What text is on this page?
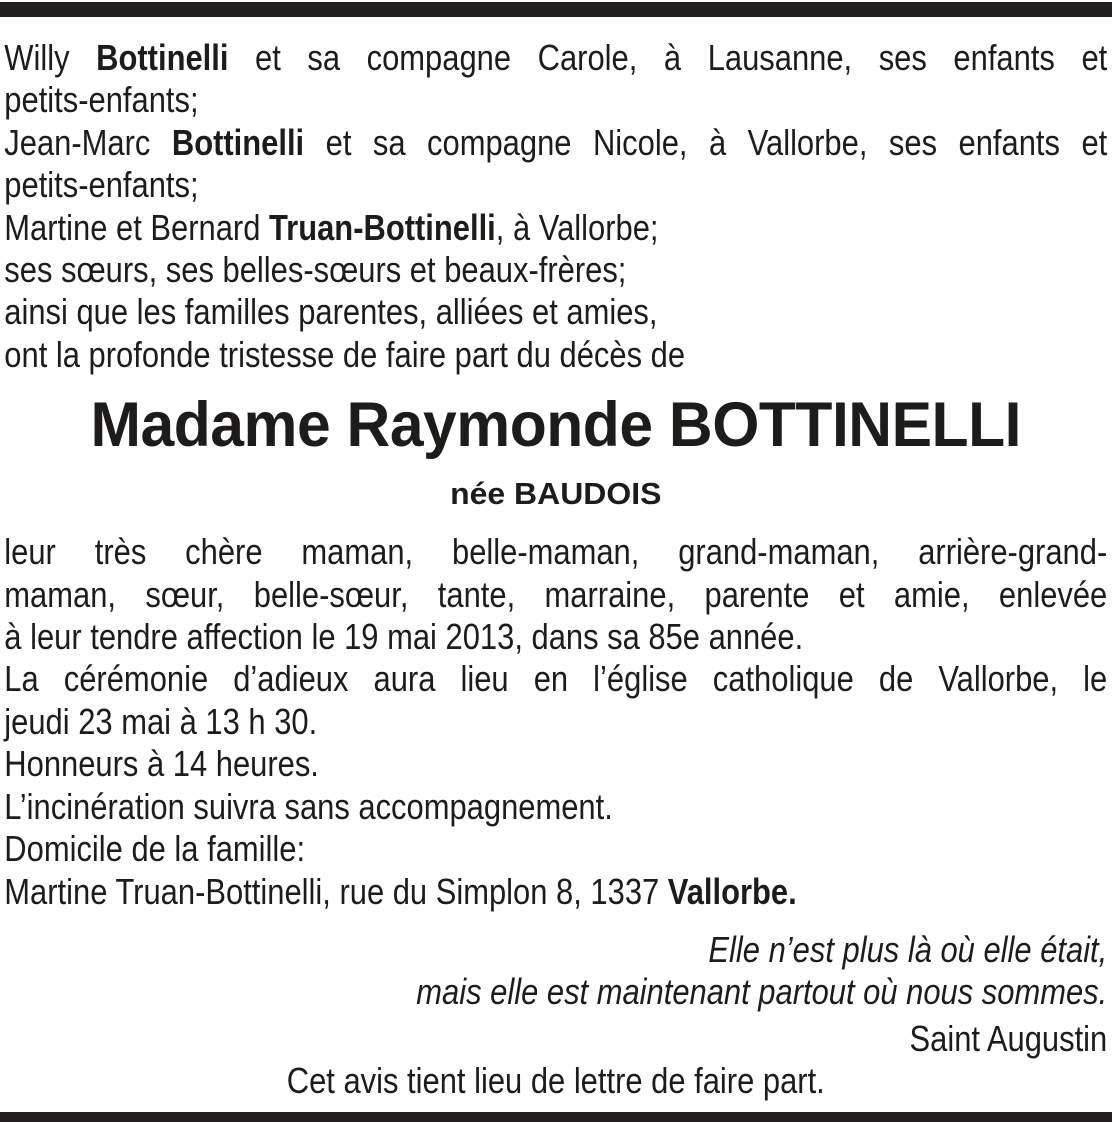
Willy Bottinelli et sa compagne Carole, à Lausanne, ses enfants et
petits-enfants;
Jean-Marc Bottinelli et sa compagne Nicole, à Vallorbe, ses enfants et
petits-enfants;
Martine et Bernard Truan-Bottinelli, à Vallorbe;
ses sœurs, ses belles-sœurs et beaux-frères;
ainsi que les familles parentes, alliées et amies,
ont la profonde tristesse de faire part du décès de
Madame Raymonde BOTTINELLI
née BAUDOIS
leur très chère maman, belle-maman, grand-maman, arrière-grand-
maman, sœur, belle-sœur, tante, marraine, parente et amie, enlevée
à leur tendre affection le 19 mai 2013, dans sa 85e année.
La cérémonie d’adieux aura lieu en l’église catholique de Vallorbe, le
jeudi 23 mai à 13 h 30.
Honneurs à 14 heures.
L’incinération suivra sans accompagnement.
Domicile de la famille:
Martine Truan-Bottinelli, rue du Simplon 8, 1337 Vallorbe.
Elle n’est plus là où elle était,
mais elle est maintenant partout où nous sommes.
Saint Augustin
Cet avis tient lieu de lettre de faire part.
